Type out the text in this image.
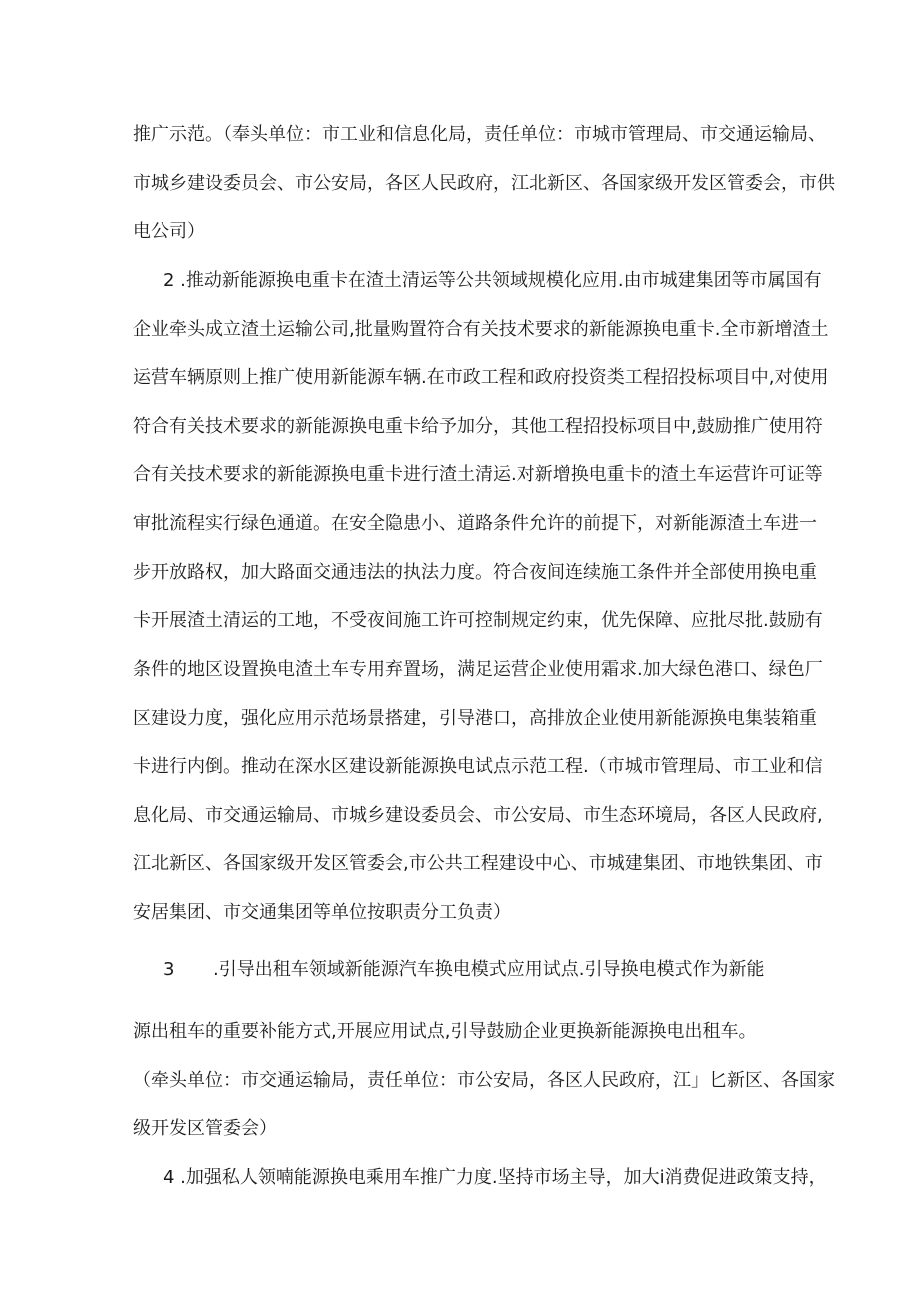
推广示范。（奉头单位：市工业和信息化局，责任单位：市城市管理局、市交通运输局、
市城乡建设委员会、市公安局，各区人民政府，江北新区、各国家级开发区管委会，市供
电公司）
2 .推动新能源换电重卡在渣土清运等公共领域规模化应用.由市城建集团等市属国有
企业牵头成立渣土运输公司,批量购置符合有关技术要求的新能源换电重卡.全市新增渣土
运营车辆原则上推广使用新能源车辆.在市政工程和政府投资类工程招投标项目中,对使用
符合有关技术要求的新能源换电重卡给予加分，其他工程招投标项目中,鼓励推广使用符
合有关技术要求的新能源换电重卡进行渣土清运.对新增换电重卡的渣土车运营许可证等
审批流程实行绿色通道。在安全隐患小、道路条件允许的前提下，对新能源渣土车进一
步开放路权，加大路面交通违法的执法力度。符合夜间连续施工条件并全部使用换电重
卡开展渣土清运的工地，不受夜间施工许可控制规定约束，优先保障、应批尽批.鼓励有
条件的地区设置换电渣土车专用弃置场，满足运营企业使用霜求.加大绿色港口、绿色厂
区建设力度，强化应用示范场景搭建，引导港口，高排放企业使用新能源换电集装箱重
卡进行内倒。推动在深水区建设新能源换电试点示范工程.（市城市管理局、市工业和信
息化局、市交通运输局、市城乡建设委员会、市公安局、市生态环境局，各区人民政府,
江北新区、各国家级开发区管委会,市公共工程建设中心、市城建集团、市地铁集团、市
安居集团、市交通集团等单位按职责分工负责）
3 .引导出租车领域新能源汽车换电模式应用试点.引导换电模式作为新能
源出租车的重要补能方式,开展应用试点,引导鼓励企业更换新能源换电出租车。
（牵头单位：市交通运输局，责任单位：市公安局，各区人民政府，江」匕新区、各国家
级开发区管委会）
4 .加强私人领喃能源换电乘用车推广力度.坚持市场主导，加大i消费促进政策支持，
